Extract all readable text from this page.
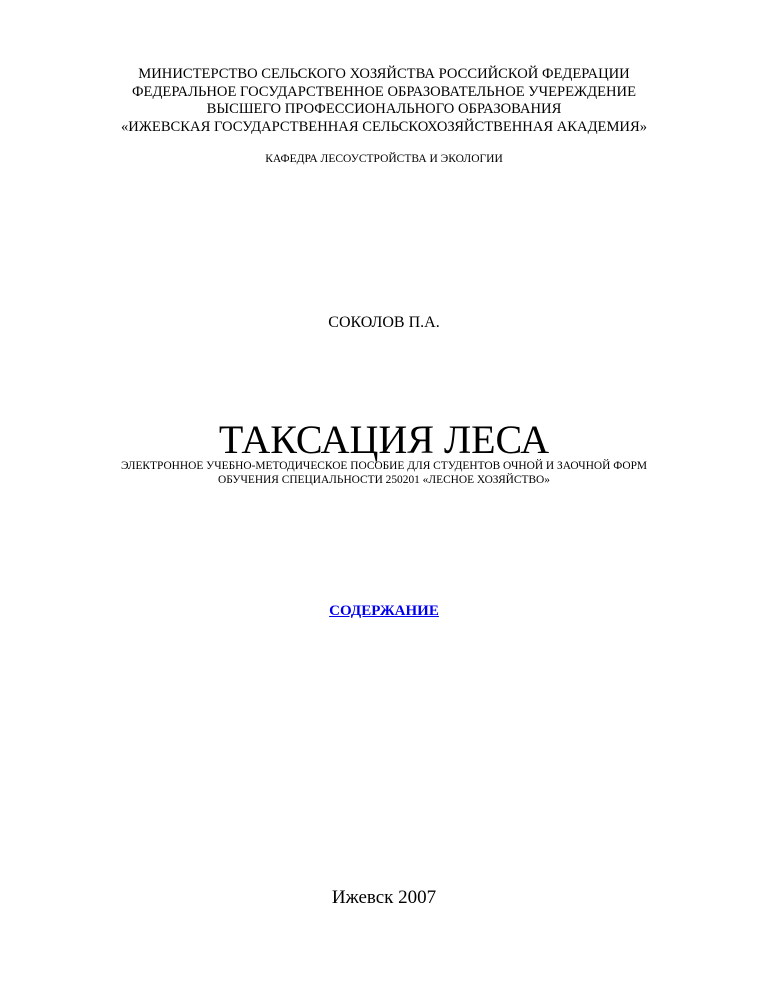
МИНИСТЕРСТВО СЕЛЬСКОГО ХОЗЯЙСТВА РОССИЙСКОЙ ФЕДЕРАЦИИ
ФЕДЕРАЛЬНОЕ ГОСУДАРСТВЕННОЕ ОБРАЗОВАТЕЛЬНОЕ УЧЕРЕЖДЕНИЕ
ВЫСШЕГО ПРОФЕССИОНАЛЬНОГО ОБРАЗОВАНИЯ
«ИЖЕВСКАЯ ГОСУДАРСТВЕННАЯ СЕЛЬСКОХОЗЯЙСТВЕННАЯ АКАДЕМИЯ»
КАФЕДРА ЛЕСОУСТРОЙСТВА И ЭКОЛОГИИ
СОКОЛОВ П.А.
ТАКСАЦИЯ ЛЕСА
ЭЛЕКТРОННОЕ УЧЕБНО-МЕТОДИЧЕСКОЕ ПОСОБИЕ ДЛЯ СТУДЕНТОВ ОЧНОЙ И ЗАОЧНОЙ ФОРМ
ОБУЧЕНИЯ СПЕЦИАЛЬНОСТИ 250201 «ЛЕСНОЕ ХОЗЯЙСТВО»
СОДЕРЖАНИЕ
Ижевск 2007
